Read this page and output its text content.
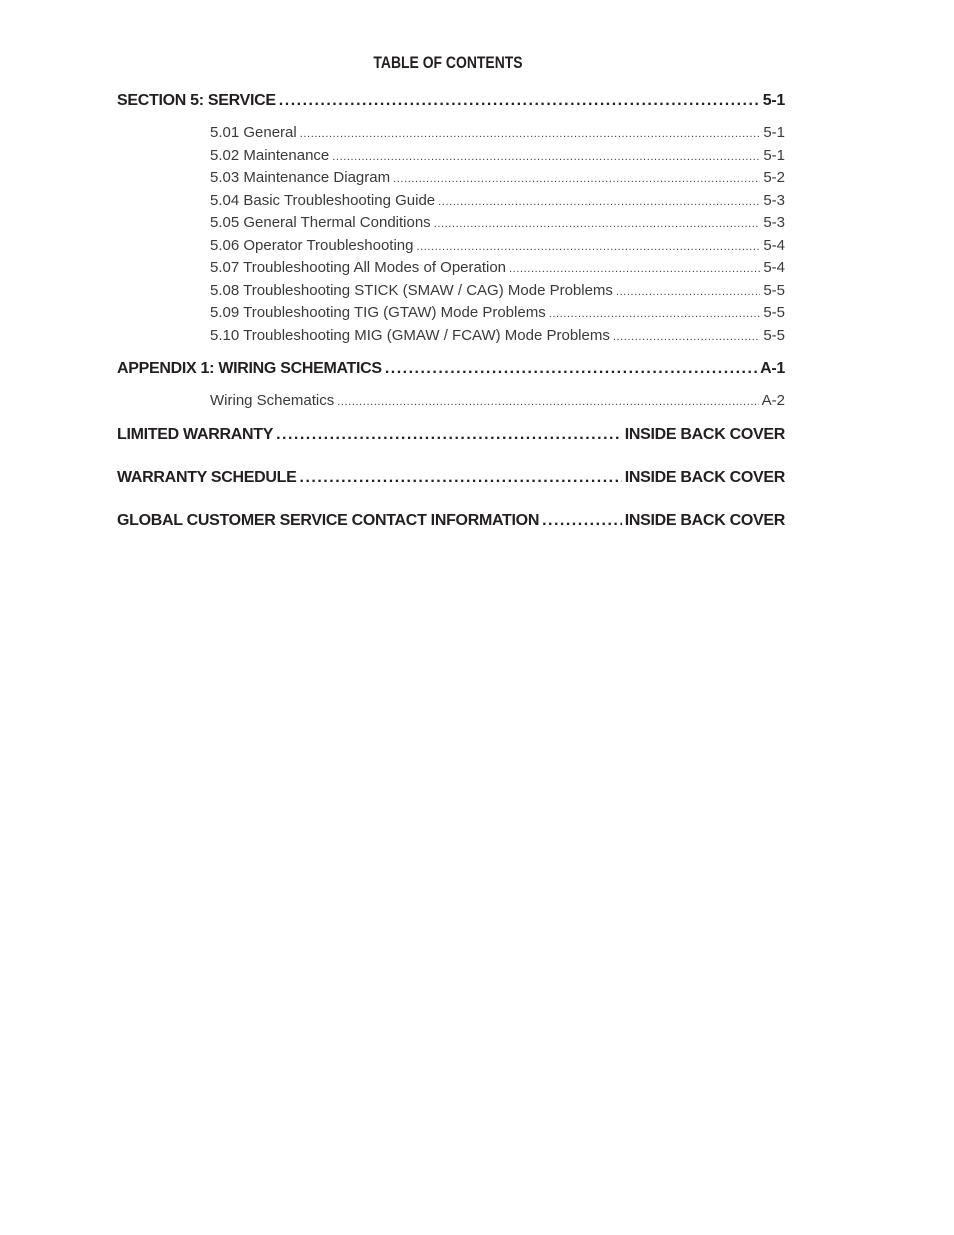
TABLE OF CONTENTS
SECTION 5: SERVICE .....	5-1
5.01 General .....	5-1
5.02 Maintenance .....	5-1
5.03 Maintenance Diagram .....	5-2
5.04 Basic Troubleshooting Guide .....	5-3
5.05 General Thermal Conditions .....	5-3
5.06 Operator Troubleshooting .....	5-4
5.07 Troubleshooting All Modes of Operation .....	5-4
5.08 Troubleshooting STICK (SMAW / CAG) Mode Problems .....	5-5
5.09 Troubleshooting TIG (GTAW) Mode Problems .....	5-5
5.10 Troubleshooting MIG (GMAW / FCAW) Mode Problems .....	5-5
APPENDIX 1: WIRING SCHEMATICS .....	A-1
Wiring Schematics .....	A-2
LIMITED WARRANTY .....	INSIDE BACK COVER
WARRANTY SCHEDULE .....	INSIDE BACK COVER
GLOBAL CUSTOMER SERVICE CONTACT INFORMATION .....	INSIDE BACK COVER
